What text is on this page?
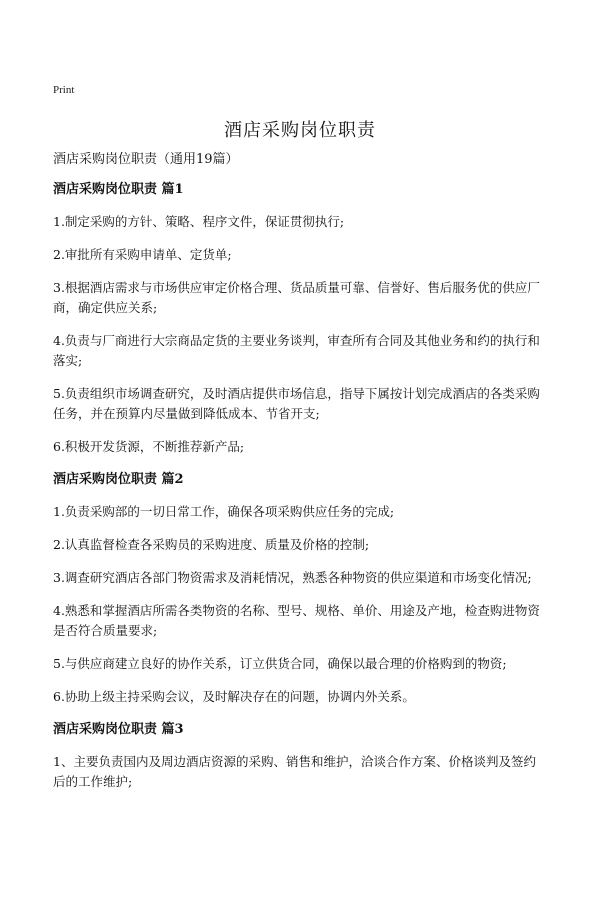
Print
酒店采购岗位职责

酒店采购岗位职责（通用19篇）

酒店采购岗位职责 篇1

1.制定采购的方针、策略、程序文件，保证贯彻执行;

2.审批所有采购申请单、定货单;

3.根据酒店需求与市场供应审定价格合理、货品质量可靠、信誉好、售后服务优的供应厂商，确定供应关系;

4.负责与厂商进行大宗商品定货的主要业务谈判，审查所有合同及其他业务和约的执行和落实;

5.负责组织市场调查研究，及时酒店提供市场信息，指导下属按计划完成酒店的各类采购任务，并在预算内尽量做到降低成本、节省开支;

6.积极开发货源，不断推荐新产品;

酒店采购岗位职责 篇2

1.负责采购部的一切日常工作，确保各项采购供应任务的完成;

2.认真监督检查各采购员的采购进度、质量及价格的控制;

3.调查研究酒店各部门物资需求及消耗情况，熟悉各种物资的供应渠道和市场变化情况;

4.熟悉和掌握酒店所需各类物资的名称、型号、规格、单价、用途及产地，检查购进物资是否符合质量要求;

5.与供应商建立良好的协作关系，订立供货合同，确保以最合理的价格购到的物资;

6.协助上级主持采购会议，及时解决存在的问题，协调内外关系。

酒店采购岗位职责 篇3

1、主要负责国内及周边酒店资源的采购、销售和维护，洽谈合作方案、价格谈判及签约后的工作维护;
